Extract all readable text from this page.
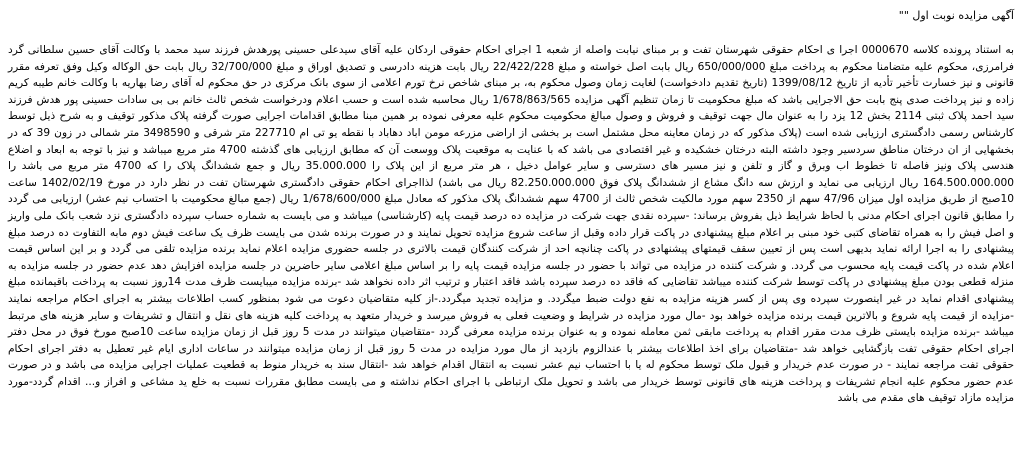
آگهی مزایده نوبت اول ""

به استناد پرونده کلاسه 0000670 اجرا ی احکام حقوقی شهرستان تفت و بر مبنای نیابت واصله از شعبه 1 اجرای احکام حقوقی اردکان علیه آقای سیدعلی حسینی پورهدش فرزند سید محمد با وکالت آقای حسین سلطانی گرد فرامرزی، محکوم علیه متضامنا محکوم به پرداخت مبلغ 650/000/000 ریال بابت اصل خواسته و مبلغ 22/422/228 ریال بابت هزینه دادرسی و تصدیق اوراق و مبلغ 32/700/000 ریال بابت حق الوکاله وکیل وفق تعرفه مقرر قانونی و نیز خسارت تأخیر تأدیه از تاریخ 1399/08/12 (تاریخ تقدیم دادخواست) لغایت زمان وصول محکوم به، بر مبنای شاخص نرخ تورم اعلامی از سوی بانک مرکزی در حق محکوم له آقای رضا بهاریه با وکالت خانم طیبه کریم زاده و نیز پرداخت صدی پنج بابت حق الاجرایی باشد که مبلغ محکومیت تا زمان تنظیم آگهی مزایده 1/678/863/565 ریال محاسبه شده است و حسب اعلام ودرخواست شخص ثالث خانم بی بی سادات حسینی پور هدش فرزند سید احمد پلاک ثبتی 2114 بخش 12 یزد را به عنوان مال جهت توقیف و فروش و وصول مبالغ محکومیت محکوم علیه معرفی نموده بر همین مبنا مطابق اقدامات اجرایی صورت گرفته پلاک مذکور توقیف و به شرح ذیل توسط کارشناس رسمی دادگستری ارزیابی شده است (پلاک مذکور که در زمان معاینه محل مشتمل است بر بخشی از اراضی مزرعه مومن اباد دهاباد با نقطه یو تی ام 227710 متر شرقی و 3498590 متر شمالی در زون 39 که در بخشهایی از ان درختان مناطق سردسیر وجود داشته البته درختان خشکیده و غیر اقتصادی می باشد که با عنایت به موقعیت پلاک ووسعت آن که مطابق ارزیابی های گذشته 4700 متر مربع میباشد و نیز با توجه به ابعاد و اضلاع هندسی پلاک ونیز فاصله تا خطوط اب وبرق و گاز و تلفن و نیز مسیر های دسترسی و سایر عوامل دخیل ، هر متر مربع از این پلاک را 35.000.000 ریال و جمع ششدانگ پلاک را که 4700 متر مربع می باشد را 164.500.000.000 ریال ارزیابی می نماید و ارزش سه دانگ مشاع از ششدانگ پلاک فوق 82.250.000.000 ریال می باشد) لذااجرای احکام حقوقی دادگستری شهرستان تفت در نظر دارد در مورخ 1402/02/19 ساعت 10صبح از طریق مزایده اول میزان 47/96 سهم از 2350 سهم مورد مالکیت شخص ثالث از 4700 سهم ششدانگ پلاک مذکور که معادل مبلغ 1/678/600/000 ریال (جمع مبالغ محکومیت با احتساب نیم عشر) ارزیابی می گردد را مطابق قانون اجرای احکام مدنی با لحاظ شرایط ذیل بفروش برساند: -سپرده نقدی جهت شرکت در مزایده ده درصد قیمت پایه (کارشناسی) میباشد و می بایست به شماره حساب سپرده دادگستری نزد شعب بانک ملی واریز و اصل فیش را به همراه تقاضای کتبی خود مبنی بر اعلام مبلغ پیشنهادی در پاکت قرار داده وقبل از ساعت شروع مزایده تحویل نمایند و در صورت برنده شدن می بایست ظرف یک ساعت فیش دوم مابه التفاوت ده درصد مبلغ پیشنهادی را به اجرا ارائه نماید بدیهی است پس از تعیین سقف قیمتهای پیشنهادی در پاکت چنانچه احد از شرکت کنندگان قیمت بالاتری در جلسه حضوری مزایده اعلام نماید برنده مزایده تلقی می گردد و بر این اساس قیمت اعلام شده در پاکت قیمت پایه محسوب می گردد. و شرکت کننده در مزایده می تواند با حضور در جلسه مزایده قیمت پایه را بر اساس مبلغ اعلامی سایر حاضرین در جلسه مزایده افزایش دهد عدم حضور در جلسه مزایده به منزله قطعی بودن مبلغ پیشنهادی در پاکت توسط شرکت کننده میباشد تقاضایی که فاقد ده درصد سپرده باشد فاقد اعتبار و ترتیب اثر داده نخواهد شد -برنده مزایده میبایست ظرف مدت 14روز نسبت به پرداخت باقیمانده مبلغ پیشنهادی اقدام نماید در غیر اینصورت سپرده وی پس از کسر هزینه مزایده به نفع دولت ضبط میگردد. و مزایده تجدید میگردد.-از کلیه متقاضیان دعوت می شود بمنظور کسب اطلاعات بیشتر به اجرای احکام مراجعه نمایند -مزایده از قیمت پایه شروع و بالاترین قیمت برنده مزایده خواهد بود -مال مورد مزایده در شرایط و وضعیت فعلی به فروش میرسد و خریدار متعهد به پرداخت کلیه هزینه های نقل و انتقال و تشریفات و سایر هزینه های مرتبط میباشد -برنده مزایده بایستی ظرف مدت مقرر اقدام به پرداخت مابقی ثمن معامله نموده و به عنوان برنده مزایده معرفی گردد -متقاضیان میتوانند در مدت 5 روز قبل از زمان مزایده ساعت 10صبح مورخ فوق در محل دفتر اجرای احکام حقوقی تفت بازگشایی خواهد شد -متقاضیان برای اخذ اطلاعات بیشتر با عندالزوم بازدید از مال مورد مزایده در مدت 5 روز قبل از زمان مزایده میتوانند در ساعات اداری ایام غیر تعطیل به دفتر اجرای احکام حقوقی تفت مراجعه نمایند - در صورت عدم خریدار و قبول ملک توسط محکوم له یا با احتساب نیم عشر نسبت به انتقال اقدام خواهد شد -انتقال سند به خریدار منوط به قطعیت عملیات اجرایی مزایده می باشد و در صورت عدم حضور محکوم علیه انجام تشریفات و پرداخت هزینه های قانونی توسط خریدار می باشد و تحویل ملک ارتباطی با اجرای احکام نداشته و می بایست مطابق مقررات نسبت به خلع ید مشاعی و افراز و... اقدام گردد-مورد مزایده مازاد توقیف های مقدم می باشد
